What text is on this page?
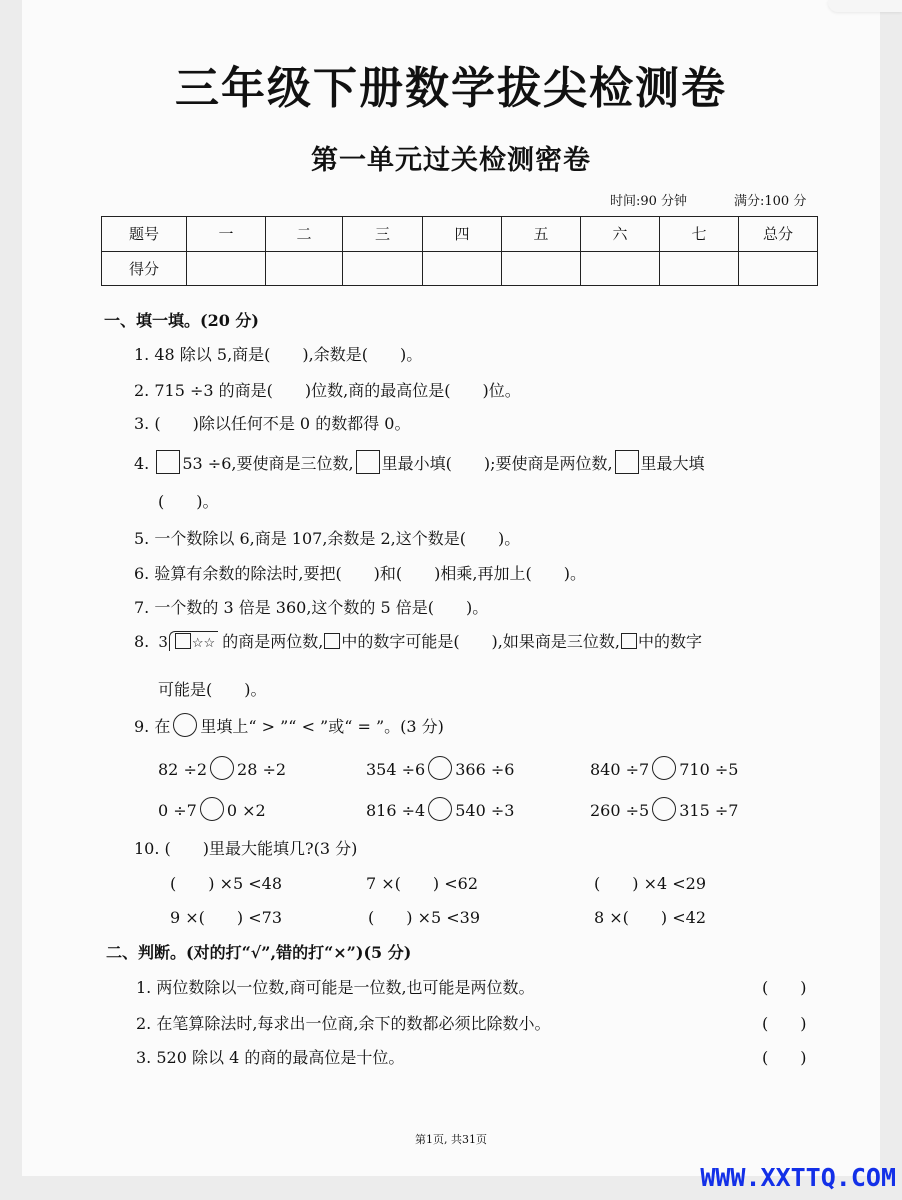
三年级下册数学拔尖检测卷
第一单元过关检测密卷
时间:90 分钟	满分:100 分
题号	一	二	三	四	五	六	七	总分
得分								
一、填一填。(20 分)
1. 48 除以 5,商是(　　),余数是(　　)。
2. 715 ÷3 的商是(　　)位数,商的最高位是(　　)位。
3. (　　)除以任何不是 0 的数都得 0。
4. 53 ÷6,要使商是三位数, 里最小填(　　);要使商是两位数, 里最大填
(　　)。
5. 一个数除以 6,商是 107,余数是 2,这个数是(　　)。
6. 验算有余数的除法时,要把(　　)和(　　)相乘,再加上(　　)。
7. 一个数的 3 倍是 360,这个数的 5 倍是(　　)。
8. 3 ☆☆ 的商是两位数, 中的数字可能是(　　),如果商是三位数, 中的数字
可能是(　　)。
9. 在 里填上“ > ”“ < ”或“ = ”。(3 分)
82 ÷2 28 ÷2	354 ÷6 366 ÷6	840 ÷7 710 ÷5
0 ÷7 0 ×2	816 ÷4 540 ÷3	260 ÷5 315 ÷7
10. (　　)里最大能填几?(3 分)
(　　) ×5 <48	7 ×(　　) <62	(　　) ×4 <29
9 ×(　　) <73	(　　) ×5 <39	8 ×(　　) <42
二、判断。(对的打“√”,错的打“×”)(5 分)
1. 两位数除以一位数,商可能是一位数,也可能是两位数。	(　　)
2. 在笔算除法时,每求出一位商,余下的数都必须比除数小。	(　　)
3. 520 除以 4 的商的最高位是十位。	(　　)
第1页, 共31页
WWW.XXTTQ.COM
